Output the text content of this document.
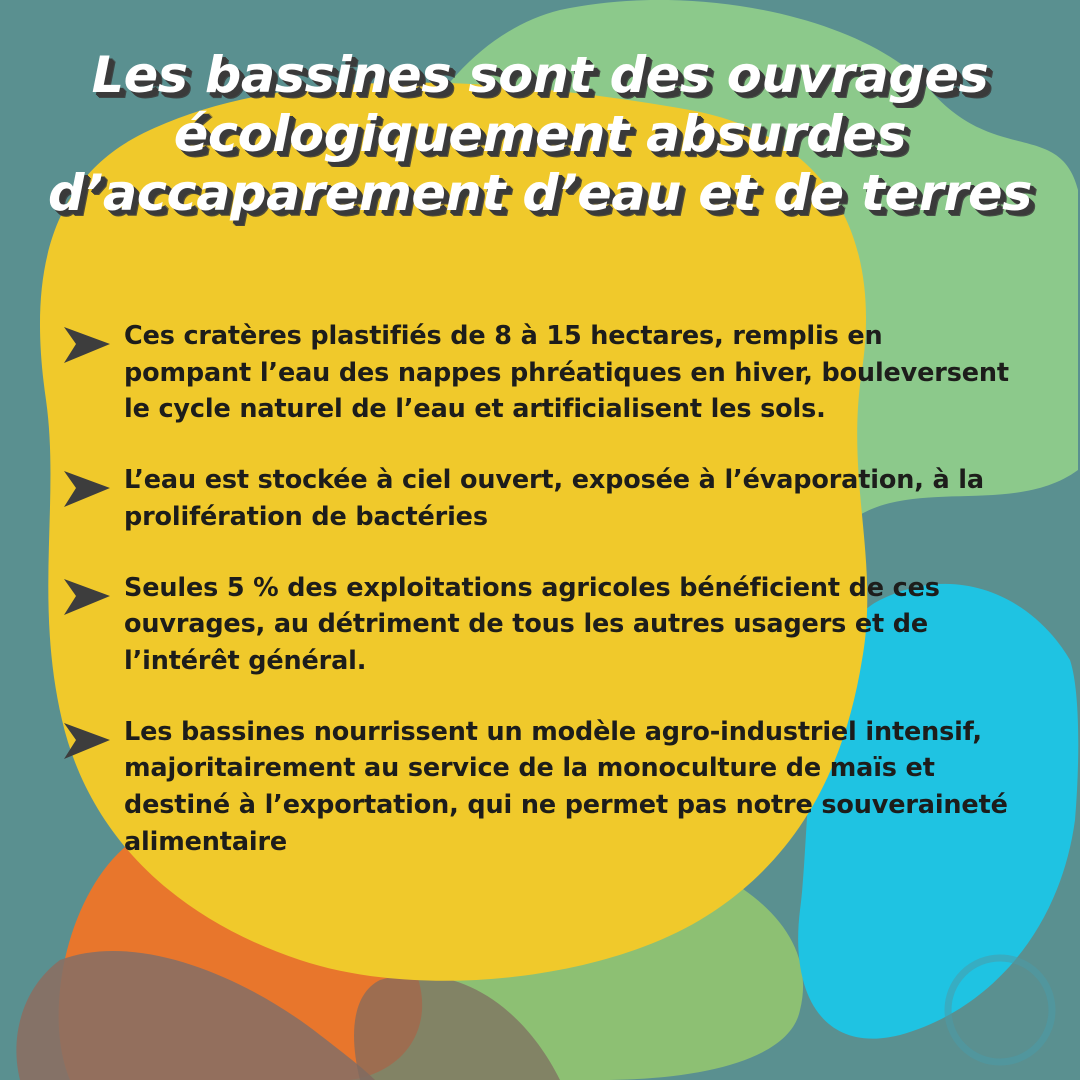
Les bassines sont des ouvrages
écologiquement absurdes
d’accaparement d’eau et de terres
Ces cratères plastifiés de 8 à 15 hectares, remplis en pompant l’eau des nappes phréatiques en hiver, bouleversent le cycle naturel de l’eau et artificialisent les sols.
L’eau est stockée à ciel ouvert, exposée à l’évaporation, à la prolifération de bactéries
Seules 5 % des exploitations agricoles bénéficient de ces ouvrages, au détriment de tous les autres usagers et de l’intérêt général.
Les bassines nourrissent un modèle agro-industriel intensif, majoritairement au service de la monoculture de maïs et destiné à l’exportation, qui ne permet pas notre souveraineté alimentaire
